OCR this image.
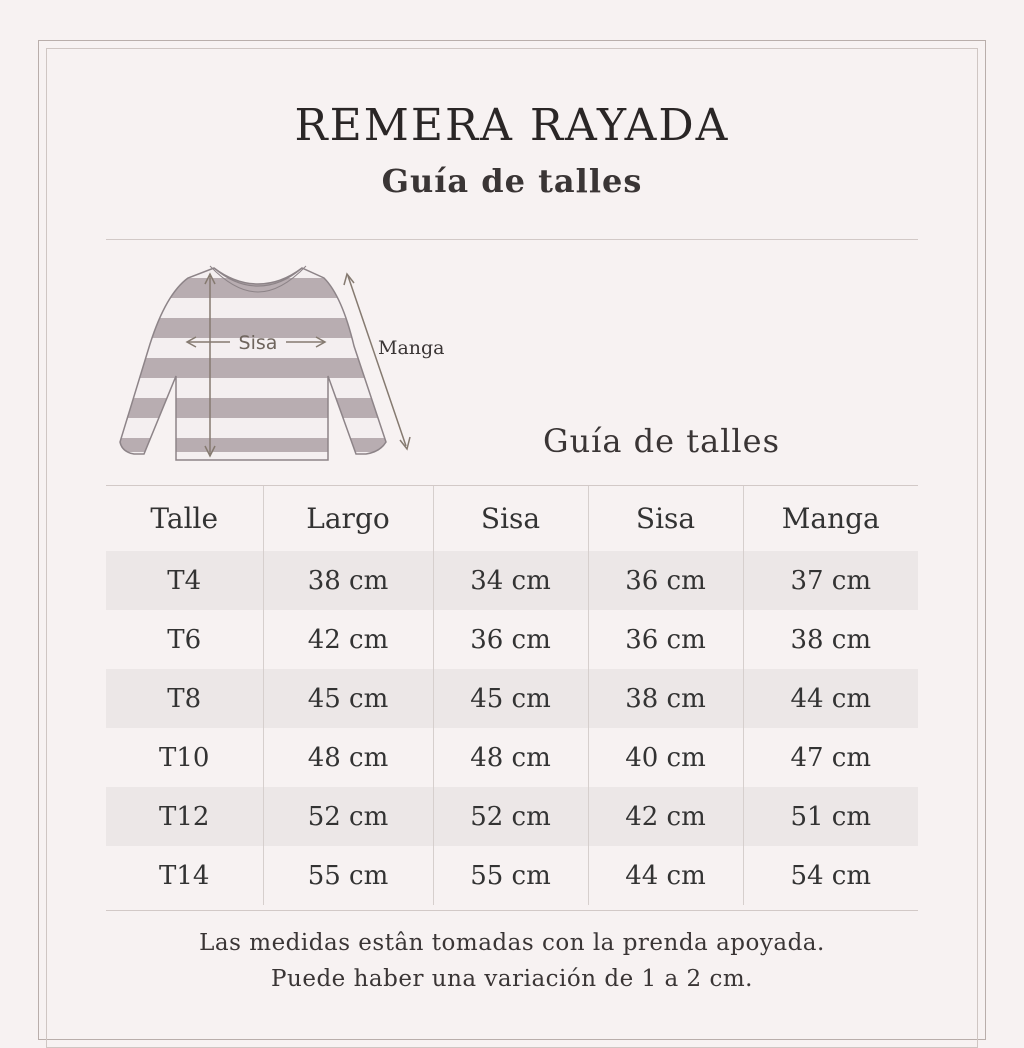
REMERA RAYADA
Guía de talles
Sisa	Manga
Guía de talles
Talle	Largo	Sisa	Sisa	Manga
T4	38 cm	34 cm	36 cm	37 cm
T6	42 cm	36 cm	36 cm	38 cm
T8	45 cm	45 cm	38 cm	44 cm
T10	48 cm	48 cm	40 cm	47 cm
T12	52 cm	52 cm	42 cm	51 cm
T14	55 cm	55 cm	44 cm	54 cm

Las medidas estân tomadas con la prenda apoyada.

Puede haber una variación de 1 a 2 cm.
